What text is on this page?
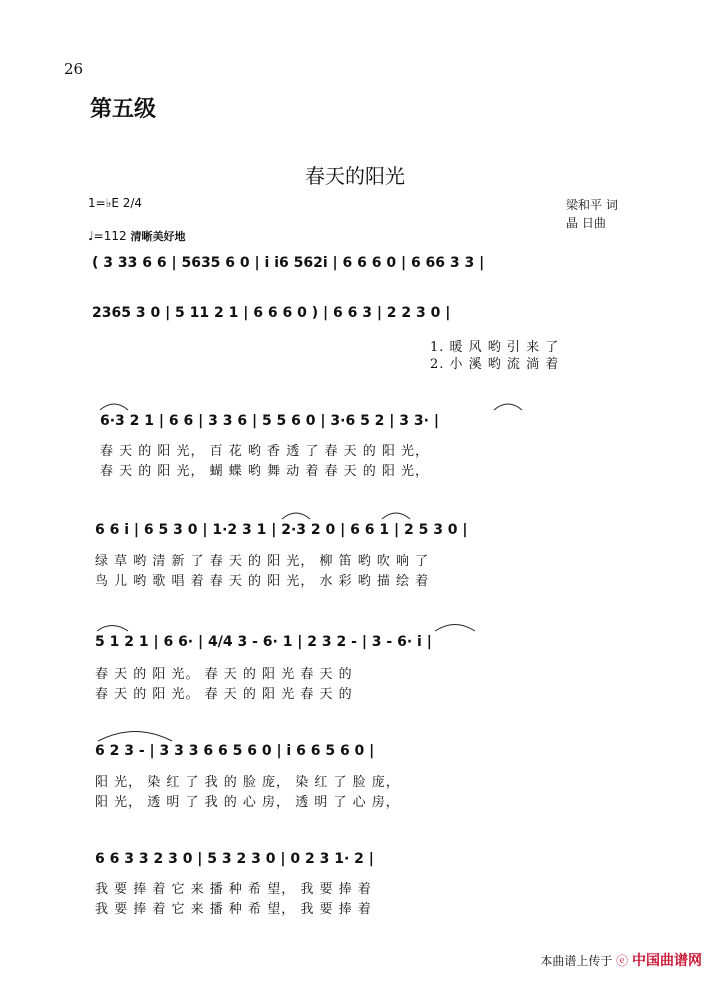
26
第五级
春天的阳光
梁和平 词
晶 日曲
1=♭E 2/4
♩=112 清晰美好地
( 3 33 6 6 | 5635 6 0 | i i6 562i | 6 6 6 0 | 6 66 3 3 |
2365 3 0 | 5 11 2 1 | 6 6 6 0 ) | 6 6 3 | 2 2 3 0 |
1. 暖 风 哟 引 来 了
2. 小 溪 哟 流 淌 着
6·3 2 1 | 6 6 | 3 3 6 | 5 5 6 0 | 3·6 5 2 | 3 3· |
春 天 的 阳 光， 百 花 哟 香 透 了 春 天 的 阳 光，
春 天 的 阳 光， 蝴 蝶 哟 舞 动 着 春 天 的 阳 光，
6 6 i | 6 5 3 0 | 1·2 3 1 | 2·3 2 0 | 6 6 1 | 2 5 3 0 |
绿 草 哟 清 新 了 春 天 的 阳 光， 柳 笛 哟 吹 响 了
鸟 儿 哟 歌 唱 着 春 天 的 阳 光， 水 彩 哟 描 绘 着
5 1 2 1 | 6 6· | 4/4 3 - 6· 1 | 2 3 2 - | 3 - 6· i |
春 天 的 阳 光。 春 天 的 阳 光 春 天 的
春 天 的 阳 光。 春 天 的 阳 光 春 天 的
6 2 3 - | 3 3 3 6 6 5 6 0 | i 6 6 5 6 0 |
阳 光， 染 红 了 我 的 脸 庞， 染 红 了 脸 庞，
阳 光， 透 明 了 我 的 心 房， 透 明 了 心 房，
6 6 3 3 2 3 0 | 5 3 2 3 0 | 0 2 3 1· 2 |
我 要 捧 着 它 来 播 种 希 望， 我 要 捧 着
我 要 捧 着 它 来 播 种 希 望， 我 要 捧 着
本曲谱上传于 ⓔ 中国曲谱网
